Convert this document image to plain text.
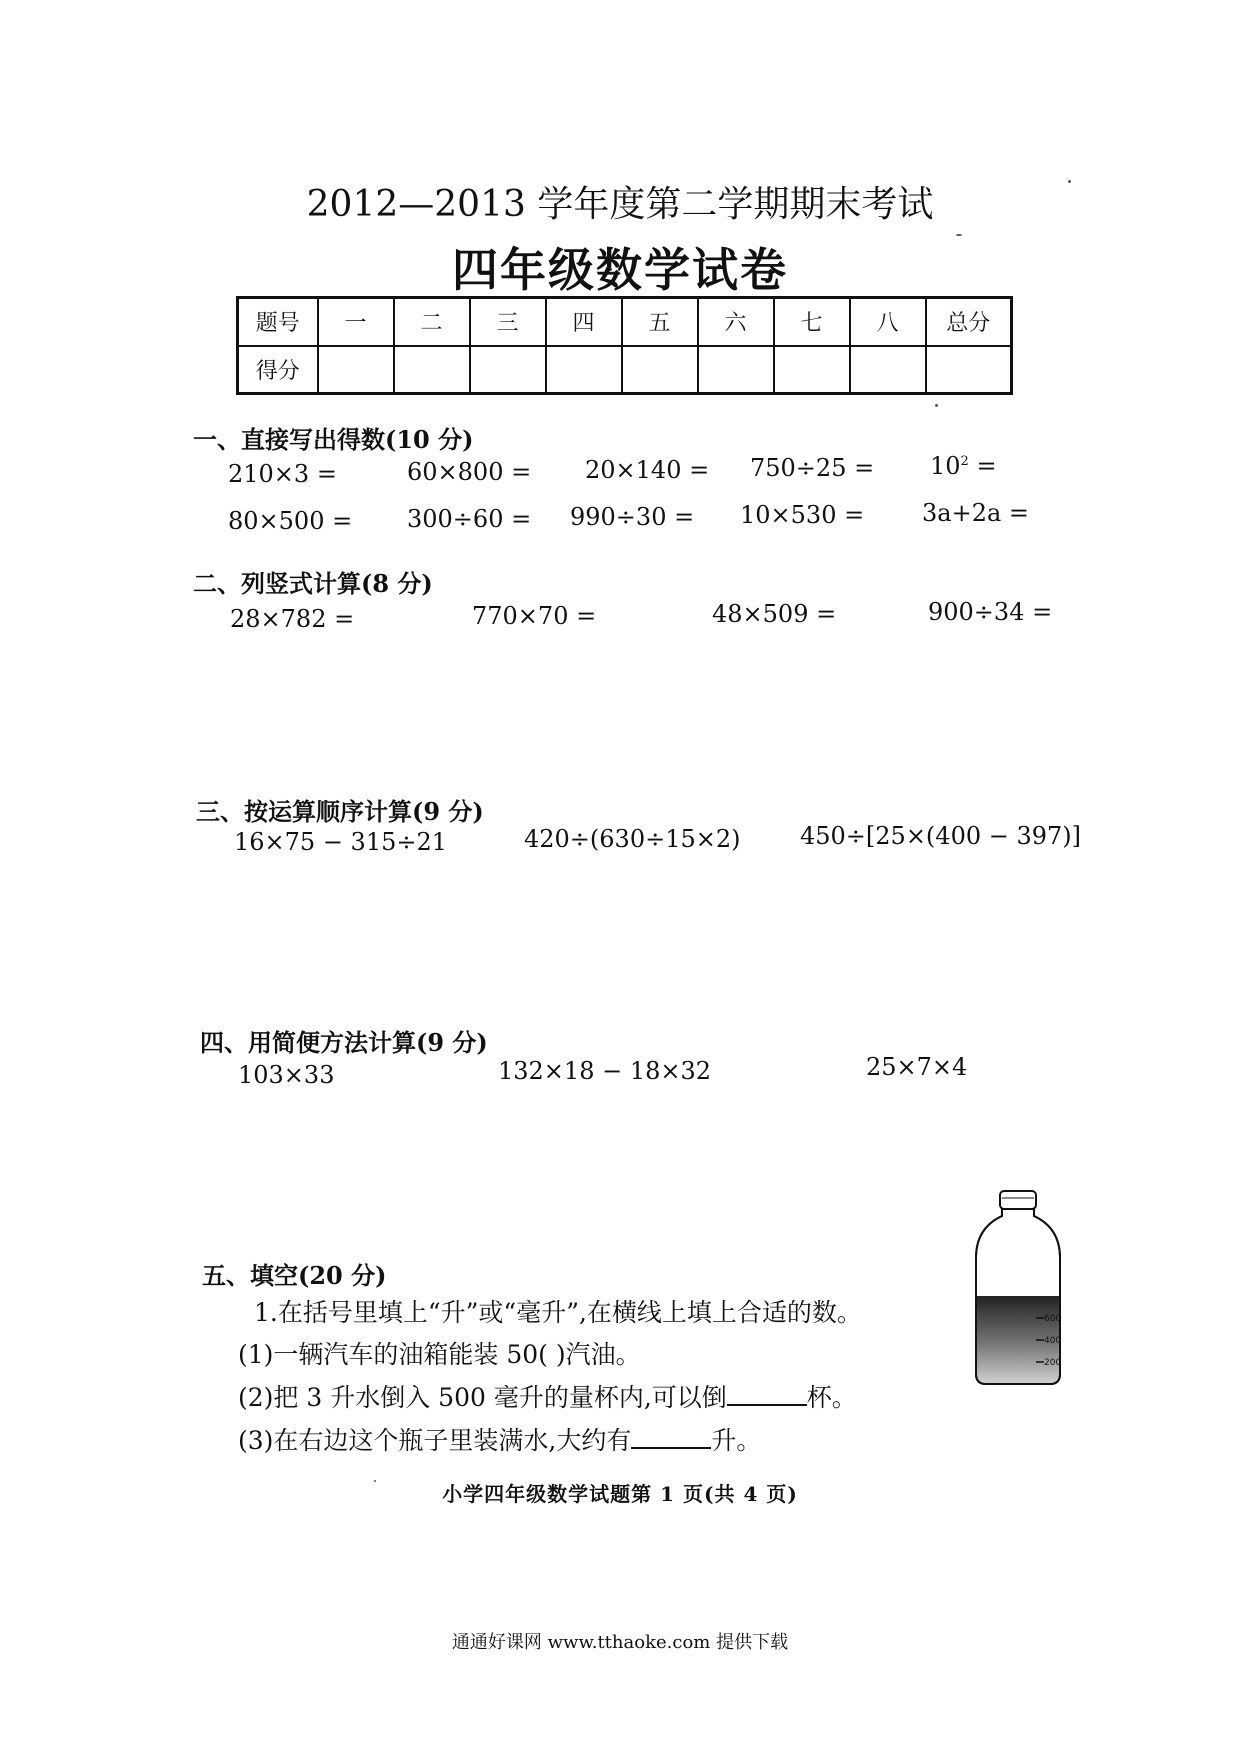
2012—2013 学年度第二学期期末考试
四年级数学试卷
题号	一	二	三	四	五	六	七	八	总分
得分									
一、直接写出得数(10 分)
210×3 =	$60\times 800 = 20\times 140 = 750\div 25 = 10^2$ =
80×500 = 300÷60 = 990÷30 = 10×530 = 3a+2a =
二、列竖式计算(8 分)
28×782 =	770×70 =	48×509 =	900÷34 =
三、按运算顺序计算(9 分)
16×75 − 315÷21	420÷(630÷15×2) 450÷[25×(400 − 397)]
四、用简便方法计算(9 分)
103×33	132×18 − 18×32	25×7×4
五、填空(20 分)
1.在括号里填上“升”或“毫升”,在横线上填上合适的数。
(1)一辆汽车的油箱能装 50( )汽油。
(2)把 3 升水倒入 500 毫升的量杯内,可以倒	杯。
(3)在右边这个瓶子里装满水,大约有	升。
600
400
200
小学四年级数学试题第 1 页(共 4 页)
通通好课网 www.tthaoke.com 提供下载
